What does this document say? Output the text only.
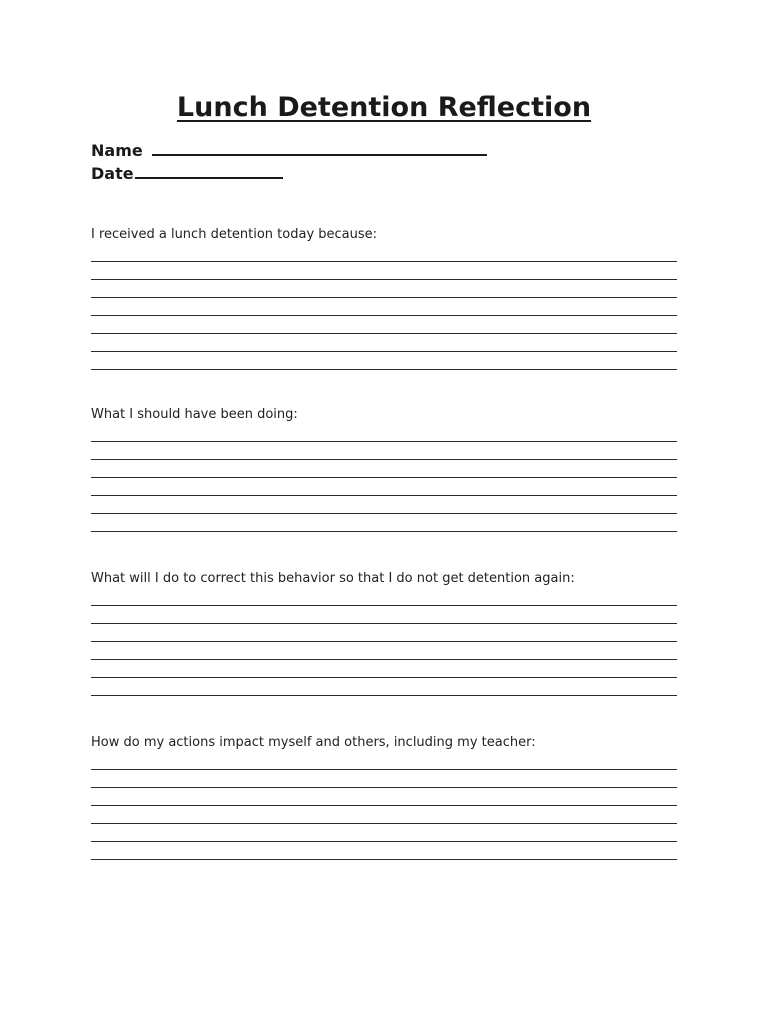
Lunch Detention Reflection
Name
Date

I received a lunch detention today because:

What I should have been doing:

What will I do to correct this behavior so that I do not get detention again:

How do my actions impact myself and others, including my teacher:
